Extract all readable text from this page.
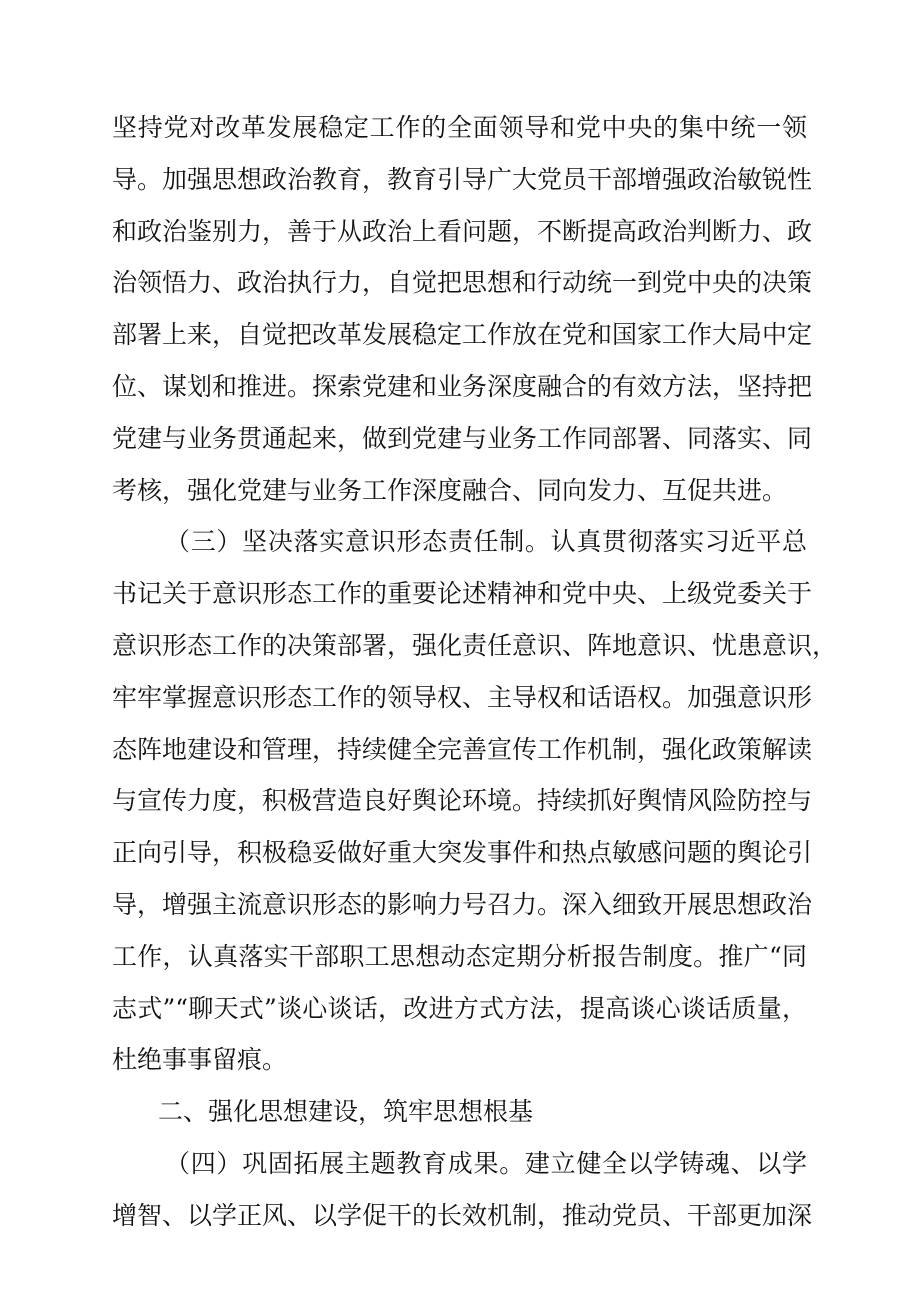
坚持党对改革发展稳定工作的全面领导和党中央的集中统一领
导。加强思想政治教育，教育引导广大党员干部增强政治敏锐性
和政治鉴别力，善于从政治上看问题，不断提高政治判断力、政
治领悟力、政治执行力，自觉把思想和行动统一到党中央的决策
部署上来，自觉把改革发展稳定工作放在党和国家工作大局中定
位、谋划和推进。探索党建和业务深度融合的有效方法，坚持把
党建与业务贯通起来，做到党建与业务工作同部署、同落实、同
考核，强化党建与业务工作深度融合、同向发力、互促共进。
（三）坚决落实意识形态责任制。认真贯彻落实习近平总
书记关于意识形态工作的重要论述精神和党中央、上级党委关于
意识形态工作的决策部署，强化责任意识、阵地意识、忧患意识，
牢牢掌握意识形态工作的领导权、主导权和话语权。加强意识形
态阵地建设和管理，持续健全完善宣传工作机制，强化政策解读
与宣传力度，积极营造良好舆论环境。持续抓好舆情风险防控与
正向引导，积极稳妥做好重大突发事件和热点敏感问题的舆论引
导，增强主流意识形态的影响力号召力。深入细致开展思想政治
工作，认真落实干部职工思想动态定期分析报告制度。推广“同
志式”“聊天式”谈心谈话，改进方式方法，提高谈心谈话质量，
杜绝事事留痕。
二、强化思想建设，筑牢思想根基
（四）巩固拓展主题教育成果。建立健全以学铸魂、以学
增智、以学正风、以学促干的长效机制，推动党员、干部更加深
